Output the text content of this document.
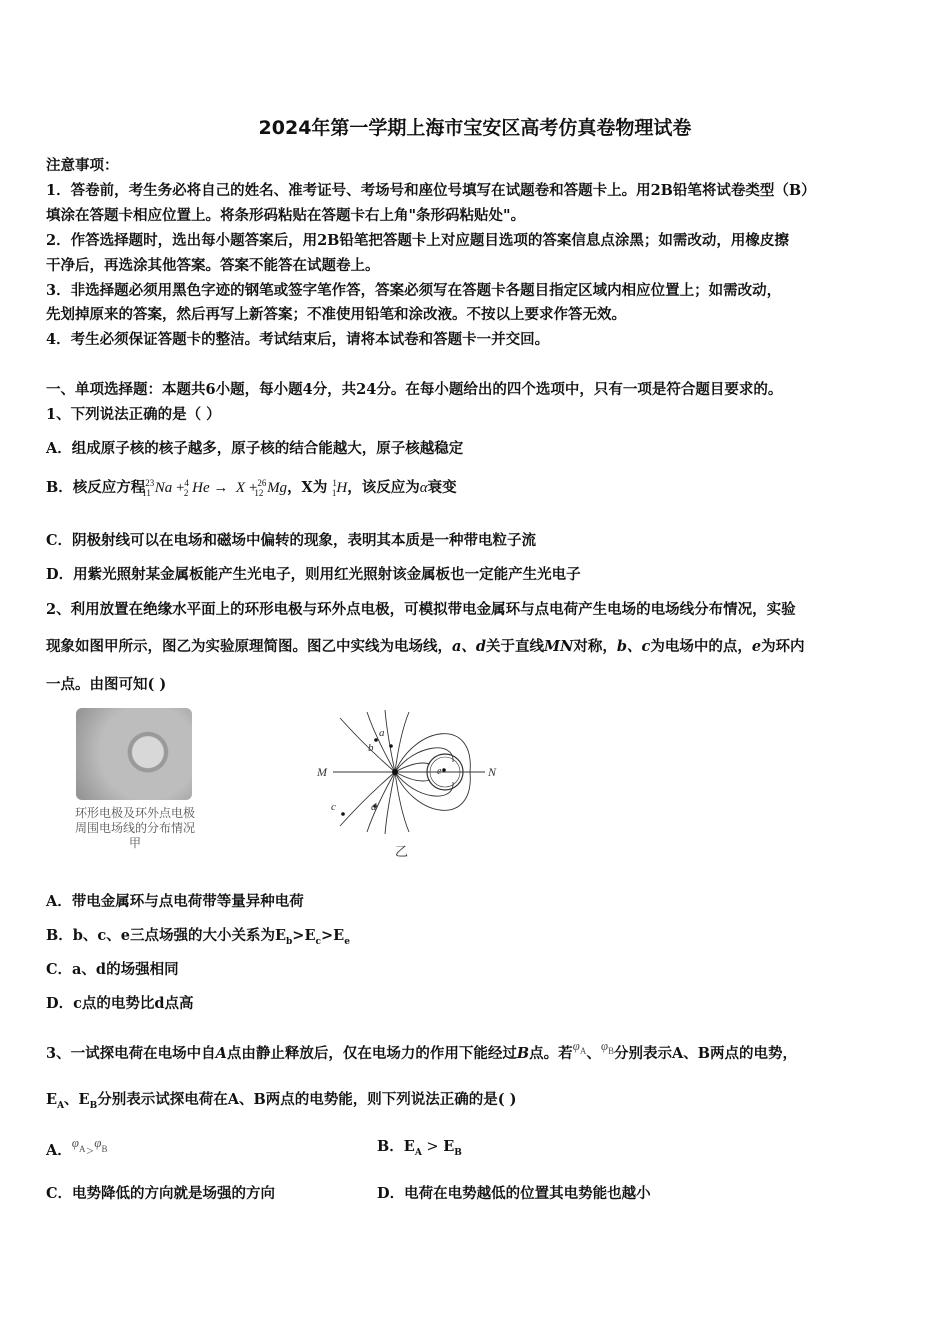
2024年第一学期上海市宝安区高考仿真卷物理试卷
注意事项：
1．答卷前，考生务必将自己的姓名、准考证号、考场号和座位号填写在试题卷和答题卡上。用2B铅笔将试卷类型（B）
填涂在答题卡相应位置上。将条形码粘贴在答题卡右上角"条形码粘贴处"。
2．作答选择题时，选出每小题答案后，用2B铅笔把答题卡上对应题目选项的答案信息点涂黑；如需改动，用橡皮擦
干净后，再选涂其他答案。答案不能答在试题卷上。
3．非选择题必须用黑色字迹的钢笔或签字笔作答，答案必须写在答题卡各题目指定区域内相应位置上；如需改动，
先划掉原来的答案，然后再写上新答案；不准使用铅笔和涂改液。不按以上要求作答无效。
4．考生必须保证答题卡的整洁。考试结束后，请将本试卷和答题卡一并交回。
一、单项选择题：本题共6小题，每小题4分，共24分。在每小题给出的四个选项中，只有一项是符合题目要求的。
1、下列说法正确的是（ ）
A．组成原子核的核子越多，原子核的结合能越大，原子核越稳定
B．核反应方程$^{23}_{11}$ Na +$^4_2$ He → X +$^{26}_{12}$ Mg，X为 $^1_1$H，该反应为α衰变
C．阴极射线可以在电场和磁场中偏转的现象，表明其本质是一种带电粒子流
D．用紫光照射某金属板能产生光电子，则用红光照射该金属板也一定能产生光电子
2、利用放置在绝缘水平面上的环形电极与环外点电极，可模拟带电金属环与点电荷产生电场的电场线分布情况，实验
现象如图甲所示，图乙为实验原理简图。图乙中实线为电场线，a、d关于直线MN对称，b、c为电场中的点，e为环内
一点。由图可知( )
环形电极及环外点电极
周围电场线的分布情况
甲
M	N
a
b
c	d
e
乙
A．带电金属环与点电荷带等量异种电荷
B．b、c、e三点场强的大小关系为$E_b>E_c>E_e$
C．a、d的场强相同
D．c点的电势比d点高
3、一试探电荷在电场中自A点由静止释放后，仅在电场力的作用下能经过B点。若$\varphi^A$、$\varphi^B$分别表示A、B两点的电势，
$E_A$、$E_B$分别表示试探电荷在A、B两点的电势能，则下列说法正确的是( )
A．$\varphi^A>\varphi^B$	B．$E_A > E_B$
C．电势降低的方向就是场强的方向	D．电荷在电势越低的位置其电势能也越小
